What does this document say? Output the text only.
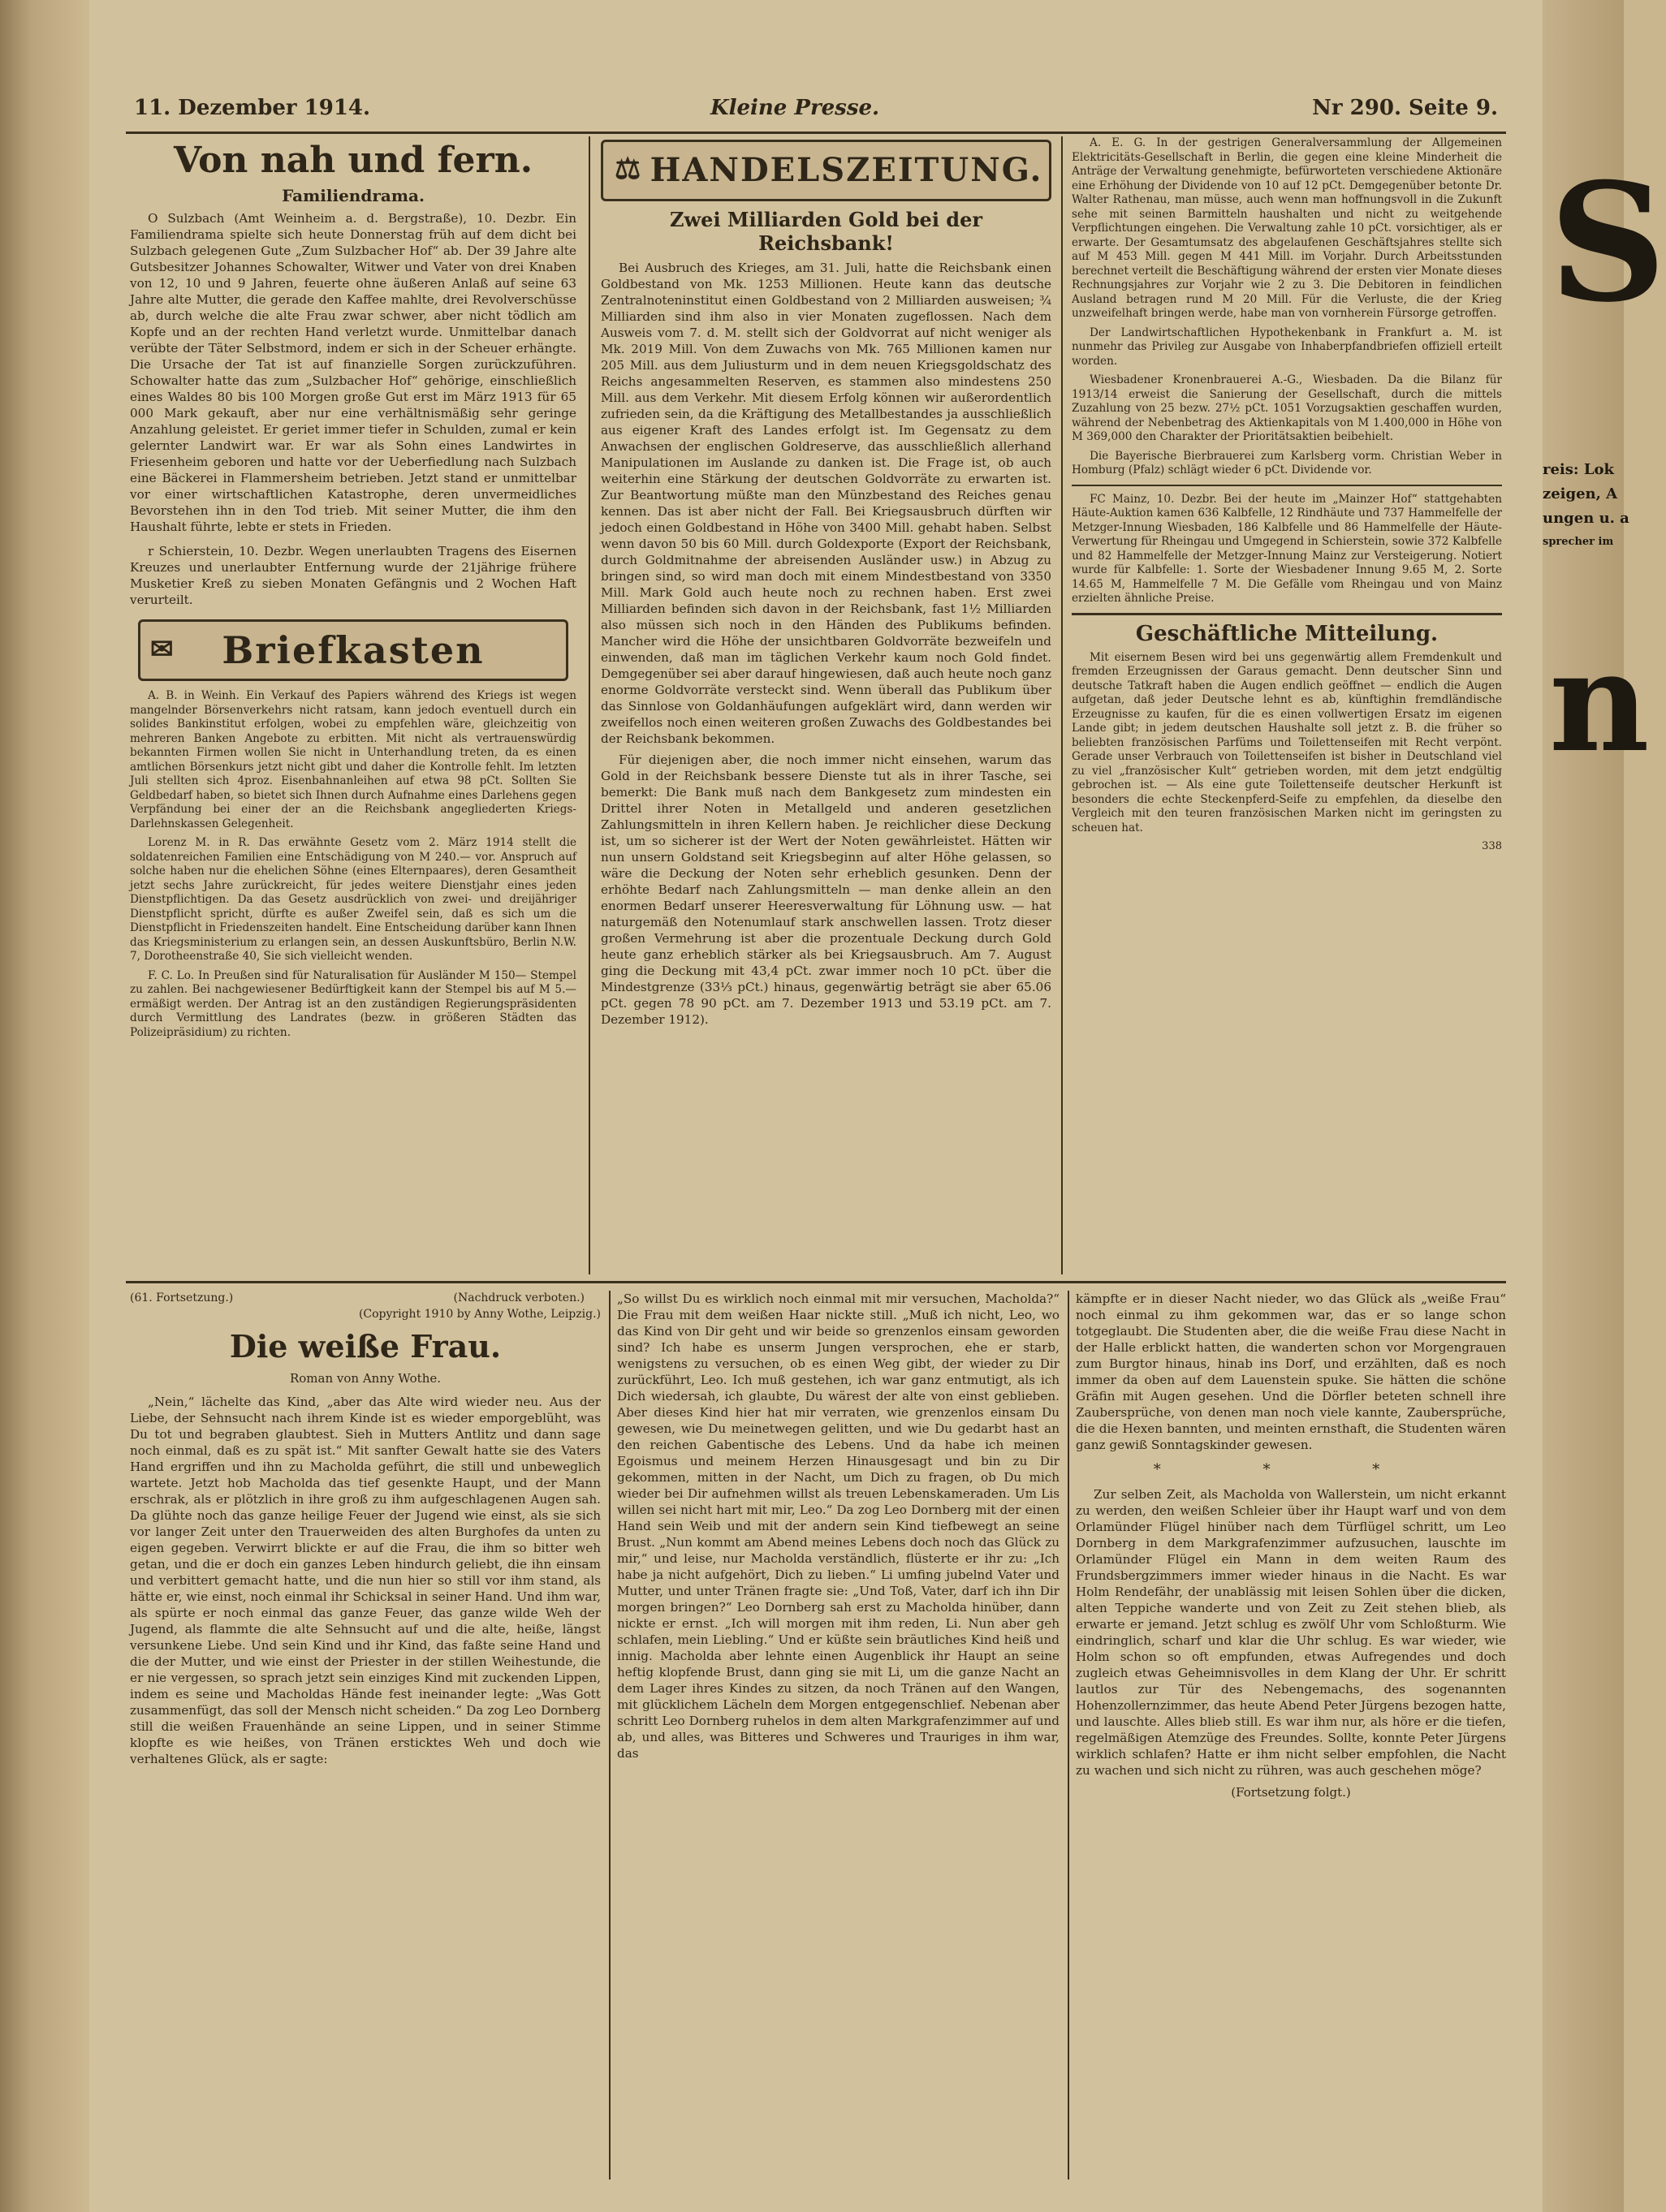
11. Dezember 1914.	Kleine Presse.	Nr 290. Seite 9.
Von nah und fern.
Familiendrama.

O Sulzbach (Amt Weinheim a. d. Bergstraße), 10. Dezbr. Ein Familiendrama spielte sich heute Donnerstag früh auf dem dicht bei Sulzbach gelegenen Gute „Zum Sulzbacher Hof“ ab. Der 39 Jahre alte Gutsbesitzer Johannes Schowalter, Witwer und Vater von drei Knaben von 12, 10 und 9 Jahren, feuerte ohne äußeren Anlaß auf seine 63 Jahre alte Mutter, die gerade den Kaffee mahlte, drei Revolverschüsse ab, durch welche die alte Frau zwar schwer, aber nicht tödlich am Kopfe und an der rechten Hand verletzt wurde. Unmittelbar danach verübte der Täter Selbstmord, indem er sich in der Scheuer erhängte. Die Ursache der Tat ist auf finanzielle Sorgen zurückzuführen. Schowalter hatte das zum „Sulzbacher Hof“ gehörige, einschließlich eines Waldes 80 bis 100 Morgen große Gut erst im März 1913 für 65 000 Mark gekauft, aber nur eine verhältnismäßig sehr geringe Anzahlung geleistet. Er geriet immer tiefer in Schulden, zumal er kein gelernter Landwirt war. Er war als Sohn eines Landwirtes in Friesenheim geboren und hatte vor der Ueberfiedlung nach Sulzbach eine Bäckerei in Flammersheim betrieben. Jetzt stand er unmittelbar vor einer wirtschaftlichen Katastrophe, deren unvermeidliches Bevorstehen ihn in den Tod trieb. Mit seiner Mutter, die ihm den Haushalt führte, lebte er stets in Frieden.

r Schierstein, 10. Dezbr. Wegen unerlaubten Tragens des Eisernen Kreuzes und unerlaubter Entfernung wurde der 21jährige frühere Musketier Kreß zu sieben Monaten Gefängnis und 2 Wochen Haft verurteilt.

✉ Briefkasten

A. B. in Weinh. Ein Verkauf des Papiers während des Kriegs ist wegen mangelnder Börsenverkehrs nicht ratsam, kann jedoch eventuell durch ein solides Bankinstitut erfolgen, wobei zu empfehlen wäre, gleichzeitig von mehreren Banken Angebote zu erbitten. Mit nicht als vertrauenswürdig bekannten Firmen wollen Sie nicht in Unterhandlung treten, da es einen amtlichen Börsenkurs jetzt nicht gibt und daher die Kontrolle fehlt. Im letzten Juli stellten sich 4proz. Eisenbahnanleihen auf etwa 98 pCt. Sollten Sie Geldbedarf haben, so bietet sich Ihnen durch Aufnahme eines Darlehens gegen Verpfändung bei einer der an die Reichsbank angegliederten Kriegs-Darlehnskassen Gelegenheit.

Lorenz M. in R. Das erwähnte Gesetz vom 2. März 1914 stellt die soldatenreichen Familien eine Entschädigung von M 240.— vor. Anspruch auf solche haben nur die ehelichen Söhne (eines Elternpaares), deren Gesamtheit jetzt sechs Jahre zurückreicht, für jedes weitere Dienstjahr eines jeden Dienstpflichtigen. Da das Gesetz ausdrücklich von zwei- und dreijähriger Dienstpflicht spricht, dürfte es außer Zweifel sein, daß es sich um die Dienstpflicht in Friedenszeiten handelt. Eine Entscheidung darüber kann Ihnen das Kriegsministerium zu erlangen sein, an dessen Auskunftsbüro, Berlin N.W. 7, Dorotheenstraße 40, Sie sich vielleicht wenden.

F. C. Lo. In Preußen sind für Naturalisation für Ausländer M 150— Stempel zu zahlen. Bei nachgewiesener Bedürftigkeit kann der Stempel bis auf M 5.— ermäßigt werden. Der Antrag ist an den zuständigen Regierungspräsidenten durch Vermittlung des Landrates (bezw. in größeren Städten das Polizeipräsidium) zu richten.

⚖ HANDELSZEITUNG.
Zwei Milliarden Gold bei der Reichsbank!

Bei Ausbruch des Krieges, am 31. Juli, hatte die Reichsbank einen Goldbestand von Mk. 1253 Millionen. Heute kann das deutsche Zentralnoteninstitut einen Goldbestand von 2 Milliarden ausweisen; ¾ Milliarden sind ihm also in vier Monaten zugeflossen. Nach dem Ausweis vom 7. d. M. stellt sich der Goldvorrat auf nicht weniger als Mk. 2019 Mill. Von dem Zuwachs von Mk. 765 Millionen kamen nur 205 Mill. aus dem Juliusturm und in dem neuen Kriegsgoldschatz des Reichs angesammelten Reserven, es stammen also mindestens 250 Mill. aus dem Verkehr. Mit diesem Erfolg können wir außerordentlich zufrieden sein, da die Kräftigung des Metallbestandes ja ausschließlich aus eigener Kraft des Landes erfolgt ist. Im Gegensatz zu dem Anwachsen der englischen Goldreserve, das ausschließlich allerhand Manipulationen im Auslande zu danken ist. Die Frage ist, ob auch weiterhin eine Stärkung der deutschen Goldvorräte zu erwarten ist. Zur Beantwortung müßte man den Münzbestand des Reiches genau kennen. Das ist aber nicht der Fall. Bei Kriegsausbruch dürften wir jedoch einen Goldbestand in Höhe von 3400 Mill. gehabt haben. Selbst wenn davon 50 bis 60 Mill. durch Goldexporte (Export der Reichsbank, durch Goldmitnahme der abreisenden Ausländer usw.) in Abzug zu bringen sind, so wird man doch mit einem Mindestbestand von 3350 Mill. Mark Gold auch heute noch zu rechnen haben. Erst zwei Milliarden befinden sich davon in der Reichsbank, fast 1½ Milliarden also müssen sich noch in den Händen des Publikums befinden. Mancher wird die Höhe der unsichtbaren Goldvorräte bezweifeln und einwenden, daß man im täglichen Verkehr kaum noch Gold findet. Demgegenüber sei aber darauf hingewiesen, daß auch heute noch ganz enorme Goldvorräte versteckt sind. Wenn überall das Publikum über das Sinnlose von Goldanhäufungen aufgeklärt wird, dann werden wir zweifellos noch einen weiteren großen Zuwachs des Goldbestandes bei der Reichsbank bekommen.

Für diejenigen aber, die noch immer nicht einsehen, warum das Gold in der Reichsbank bessere Dienste tut als in ihrer Tasche, sei bemerkt: Die Bank muß nach dem Bankgesetz zum mindesten ein Drittel ihrer Noten in Metallgeld und anderen gesetzlichen Zahlungsmitteln in ihren Kellern haben. Je reichlicher diese Deckung ist, um so sicherer ist der Wert der Noten gewährleistet. Hätten wir nun unsern Goldstand seit Kriegsbeginn auf alter Höhe gelassen, so wäre die Deckung der Noten sehr erheblich gesunken. Denn der erhöhte Bedarf nach Zahlungsmitteln — man denke allein an den enormen Bedarf unserer Heeresverwaltung für Löhnung usw. — hat naturgemäß den Notenumlauf stark anschwellen lassen. Trotz dieser großen Vermehrung ist aber die prozentuale Deckung durch Gold heute ganz erheblich stärker als bei Kriegsausbruch. Am 7. August ging die Deckung mit 43,4 pCt. zwar immer noch 10 pCt. über die Mindestgrenze (33⅓ pCt.) hinaus, gegenwärtig beträgt sie aber 65.06 pCt. gegen 78 90 pCt. am 7. Dezember 1913 und 53.19 pCt. am 7. Dezember 1912).

A. E. G. In der gestrigen Generalversammlung der Allgemeinen Elektricitäts-Gesellschaft in Berlin, die gegen eine kleine Minderheit die Anträge der Verwaltung genehmigte, befürworteten verschiedene Aktionäre eine Erhöhung der Dividende von 10 auf 12 pCt. Demgegenüber betonte Dr. Walter Rathenau, man müsse, auch wenn man hoffnungsvoll in die Zukunft sehe mit seinen Barmitteln haushalten und nicht zu weitgehende Verpflichtungen eingehen. Die Verwaltung zahle 10 pCt. vorsichtiger, als er erwarte. Der Gesamtumsatz des abgelaufenen Geschäftsjahres stellte sich auf M 453 Mill. gegen M 441 Mill. im Vorjahr. Durch Arbeitsstunden berechnet verteilt die Beschäftigung während der ersten vier Monate dieses Rechnungsjahres zur Vorjahr wie 2 zu 3. Die Debitoren in feindlichen Ausland betragen rund M 20 Mill. Für die Verluste, die der Krieg unzweifelhaft bringen werde, habe man von vornherein Fürsorge getroffen.

Der Landwirtschaftlichen Hypothekenbank in Frankfurt a. M. ist nunmehr das Privileg zur Ausgabe von Inhaberpfandbriefen offiziell erteilt worden.

Wiesbadener Kronenbrauerei A.-G., Wiesbaden. Da die Bilanz für 1913/14 erweist die Sanierung der Gesellschaft, durch die mittels Zuzahlung von 25 bezw. 27½ pCt. 1051 Vorzugsaktien geschaffen wurden, während der Nebenbetrag des Aktienkapitals von M 1.400,000 in Höhe von M 369,000 den Charakter der Prioritätsaktien beibehielt.

Die Bayerische Bierbrauerei zum Karlsberg vorm. Christian Weber in Homburg (Pfalz) schlägt wieder 6 pCt. Dividende vor.

FC Mainz, 10. Dezbr. Bei der heute im „Mainzer Hof“ stattgehabten Häute-Auktion kamen 636 Kalbfelle, 12 Rindhäute und 737 Hammelfelle der Metzger-Innung Wiesbaden, 186 Kalbfelle und 86 Hammelfelle der Häute-Verwertung für Rheingau und Umgegend in Schierstein, sowie 372 Kalbfelle und 82 Hammelfelle der Metzger-Innung Mainz zur Versteigerung. Notiert wurde für Kalbfelle: 1. Sorte der Wiesbadener Innung 9.65 M, 2. Sorte 14.65 M, Hammelfelle 7 M. Die Gefälle vom Rheingau und von Mainz erzielten ähnliche Preise.

Geschäftliche Mitteilung.

Mit eisernem Besen wird bei uns gegenwärtig allem Fremdenkult und fremden Erzeugnissen der Garaus gemacht. Denn deutscher Sinn und deutsche Tatkraft haben die Augen endlich geöffnet — endlich die Augen aufgetan, daß jeder Deutsche lehnt es ab, künftighin fremdländische Erzeugnisse zu kaufen, für die es einen vollwertigen Ersatz im eigenen Lande gibt; in jedem deutschen Haushalte soll jetzt z. B. die früher so beliebten französischen Parfüms und Toilettenseifen mit Recht verpönt. Gerade unser Verbrauch von Toilettenseifen ist bisher in Deutschland viel zu viel „französischer Kult“ getrieben worden, mit dem jetzt endgültig gebrochen ist. — Als eine gute Toilettenseife deutscher Herkunft ist besonders die echte Steckenpferd-Seife zu empfehlen, da dieselbe den Vergleich mit den teuren französischen Marken nicht im geringsten zu scheuen hat.

338
(61. Fortsetzung.)	(Nachdruck verboten.)
(Copyright 1910 by Anny Wothe, Leipzig.)
Die weiße Frau.
Roman von Anny Wothe.

„Nein,“ lächelte das Kind, „aber das Alte wird wieder neu. Aus der Liebe, der Sehnsucht nach ihrem Kinde ist es wieder emporgeblüht, was Du tot und begraben glaubtest. Sieh in Mutters Antlitz und dann sage noch einmal, daß es zu spät ist.“ Mit sanfter Gewalt hatte sie des Vaters Hand ergriffen und ihn zu Macholda geführt, die still und unbeweglich wartete. Jetzt hob Macholda das tief gesenkte Haupt, und der Mann erschrak, als er plötzlich in ihre groß zu ihm aufgeschlagenen Augen sah. Da glühte noch das ganze heilige Feuer der Jugend wie einst, als sie sich vor langer Zeit unter den Trauerweiden des alten Burghofes da unten zu eigen gegeben. Verwirrt blickte er auf die Frau, die ihm so bitter weh getan, und die er doch ein ganzes Leben hindurch geliebt, die ihn einsam und verbittert gemacht hatte, und die nun hier so still vor ihm stand, als hätte er, wie einst, noch einmal ihr Schicksal in seiner Hand. Und ihm war, als spürte er noch einmal das ganze Feuer, das ganze wilde Weh der Jugend, als flammte die alte Sehnsucht auf und die alte, heiße, längst versunkene Liebe. Und sein Kind und ihr Kind, das faßte seine Hand und die der Mutter, und wie einst der Priester in der stillen Weihestunde, die er nie vergessen, so sprach jetzt sein einziges Kind mit zuckenden Lippen, indem es seine und Macholdas Hände fest ineinander legte: „Was Gott zusammenfügt, das soll der Mensch nicht scheiden.“ Da zog Leo Dornberg still die weißen Frauenhände an seine Lippen, und in seiner Stimme klopfte es wie heißes, von Tränen ersticktes Weh und doch wie verhaltenes Glück, als er sagte:

„So willst Du es wirklich noch einmal mit mir versuchen, Macholda?“ Die Frau mit dem weißen Haar nickte still. „Muß ich nicht, Leo, wo das Kind von Dir geht und wir beide so grenzenlos einsam geworden sind? Ich habe es unserm Jungen versprochen, ehe er starb, wenigstens zu versuchen, ob es einen Weg gibt, der wieder zu Dir zurückführt, Leo. Ich muß gestehen, ich war ganz entmutigt, als ich Dich wiedersah, ich glaubte, Du wärest der alte von einst geblieben. Aber dieses Kind hier hat mir verraten, wie grenzenlos einsam Du gewesen, wie Du meinetwegen gelitten, und wie Du gedarbt hast an den reichen Gabentische des Lebens. Und da habe ich meinen Egoismus und meinem Herzen Hinausgesagt und bin zu Dir gekommen, mitten in der Nacht, um Dich zu fragen, ob Du mich wieder bei Dir aufnehmen willst als treuen Lebenskameraden. Um Lis willen sei nicht hart mit mir, Leo.“ Da zog Leo Dornberg mit der einen Hand sein Weib und mit der andern sein Kind tiefbewegt an seine Brust. „Nun kommt am Abend meines Lebens doch noch das Glück zu mir,“ und leise, nur Macholda verständlich, flüsterte er ihr zu: „Ich habe ja nicht aufgehört, Dich zu lieben.“ Li umfing jubelnd Vater und Mutter, und unter Tränen fragte sie: „Und Toß, Vater, darf ich ihn Dir morgen bringen?“ Leo Dornberg sah erst zu Macholda hinüber, dann nickte er ernst. „Ich will morgen mit ihm reden, Li. Nun aber geh schlafen, mein Liebling.“ Und er küßte sein bräutliches Kind heiß und innig. Macholda aber lehnte einen Augenblick ihr Haupt an seine heftig klopfende Brust, dann ging sie mit Li, um die ganze Nacht an dem Lager ihres Kindes zu sitzen, da noch Tränen auf den Wangen, mit glücklichem Lächeln dem Morgen entgegenschlief. Nebenan aber schritt Leo Dornberg ruhelos in dem alten Markgrafenzimmer auf und ab, und alles, was Bitteres und Schweres und Trauriges in ihm war, das

kämpfte er in dieser Nacht nieder, wo das Glück als „weiße Frau“ noch einmal zu ihm gekommen war, das er so lange schon totgeglaubt. Die Studenten aber, die die weiße Frau diese Nacht in der Halle erblickt hatten, die wanderten schon vor Morgengrauen zum Burgtor hinaus, hinab ins Dorf, und erzählten, daß es noch immer da oben auf dem Lauenstein spuke. Sie hätten die schöne Gräfin mit Augen gesehen. Und die Dörfler beteten schnell ihre Zaubersprüche, von denen man noch viele kannte, Zaubersprüche, die die Hexen bannten, und meinten ernsthaft, die Studenten wären ganz gewiß Sonntagskinder gewesen.

* * *

Zur selben Zeit, als Macholda von Wallerstein, um nicht erkannt zu werden, den weißen Schleier über ihr Haupt warf und von dem Orlamünder Flügel hinüber nach dem Türflügel schritt, um Leo Dornberg in dem Markgrafenzimmer aufzusuchen, lauschte im Orlamünder Flügel ein Mann in dem weiten Raum des Frundsbergzimmers immer wieder hinaus in die Nacht. Es war Holm Rendefähr, der unablässig mit leisen Sohlen über die dicken, alten Teppiche wanderte und von Zeit zu Zeit stehen blieb, als erwarte er jemand. Jetzt schlug es zwölf Uhr vom Schloßturm. Wie eindringlich, scharf und klar die Uhr schlug. Es war wieder, wie Holm schon so oft empfunden, etwas Aufregendes und doch zugleich etwas Geheimnisvolles in dem Klang der Uhr. Er schritt lautlos zur Tür des Nebengemachs, des sogenannten Hohenzollernzimmer, das heute Abend Peter Jürgens bezogen hatte, und lauschte. Alles blieb still. Es war ihm nur, als höre er die tiefen, regelmäßigen Atemzüge des Freundes. Sollte, konnte Peter Jürgens wirklich schlafen? Hatte er ihm nicht selber empfohlen, die Nacht zu wachen und sich nicht zu rühren, was auch geschehen möge?

(Fortsetzung folgt.)
S
n
reis: Lok
zeigen, A
ungen u. a
sprecher im
